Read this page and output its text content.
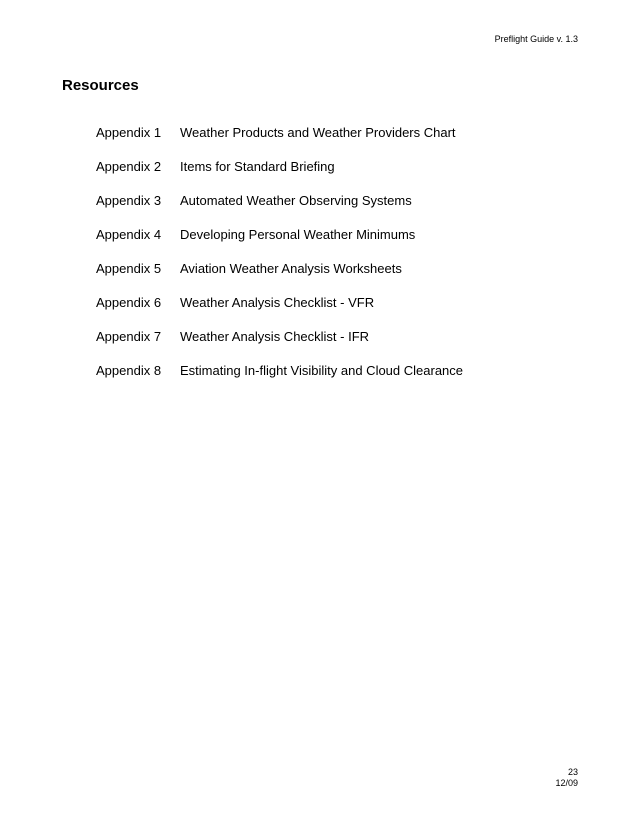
Preflight Guide v. 1.3
Resources
Appendix 1	Weather Products and Weather Providers Chart
Appendix 2	Items for Standard Briefing
Appendix 3	Automated Weather Observing Systems
Appendix 4	Developing Personal Weather Minimums
Appendix 5	Aviation Weather Analysis Worksheets
Appendix 6	Weather Analysis Checklist - VFR
Appendix 7	Weather Analysis Checklist - IFR
Appendix 8	Estimating In-flight Visibility and Cloud Clearance
23
12/09
